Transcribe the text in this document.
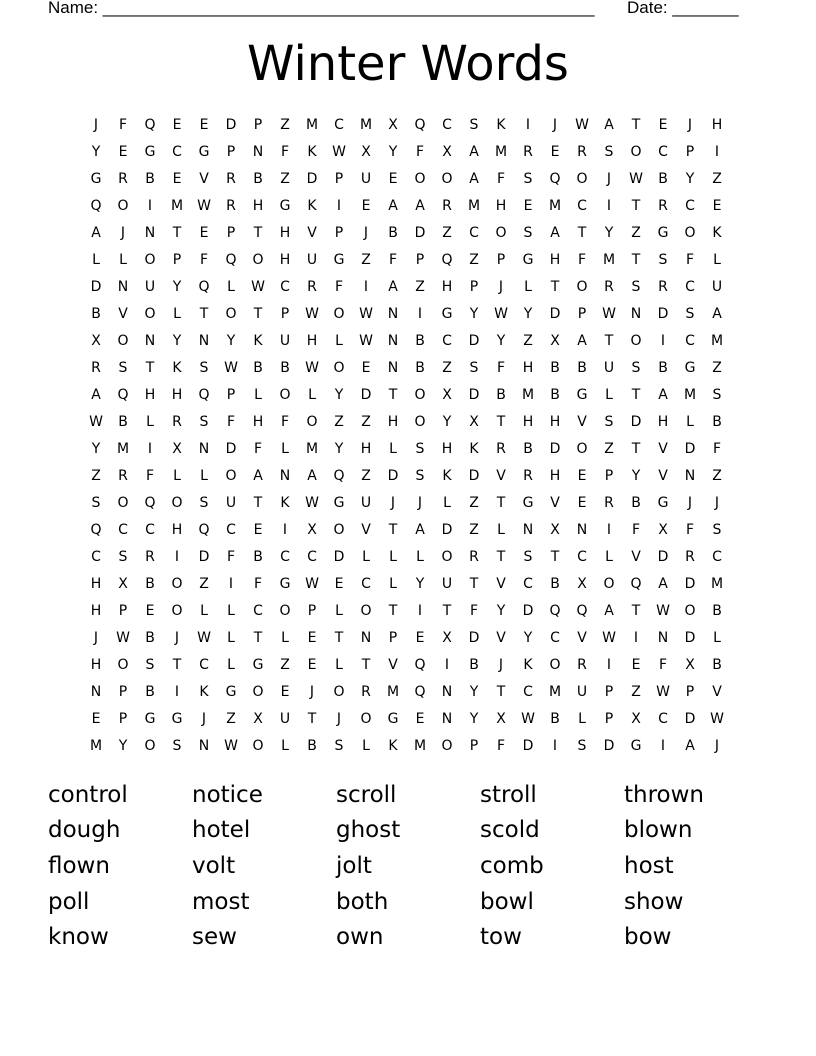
Name: ____________________________________________________ Date: _______
Winter Words
J	F	Q	E	E	D	P	Z	M	C	M	X	Q	C	S	K	I	J	W	A	T	E	J	H
Y	E	G	C	G	P	N	F	K	W	X	Y	F	X	A	M	R	E	R	S	O	C	P	I
G	R	B	E	V	R	B	Z	D	P	U	E	O	O	A	F	S	Q	O	J	W	B	Y	Z
Q	O	I	M	W	R	H	G	K	I	E	A	A	R	M	H	E	M	C	I	T	R	C	E
A	J	N	T	E	P	T	H	V	P	J	B	D	Z	C	O	S	A	T	Y	Z	G	O	K
L	L	O	P	F	Q	O	H	U	G	Z	F	P	Q	Z	P	G	H	F	M	T	S	F	L
D	N	U	Y	Q	L	W	C	R	F	I	A	Z	H	P	J	L	T	O	R	S	R	C	U
B	V	O	L	T	O	T	P	W	O	W	N	I	G	Y	W	Y	D	P	W	N	D	S	A
X	O	N	Y	N	Y	K	U	H	L	W	N	B	C	D	Y	Z	X	A	T	O	I	C	M
R	S	T	K	S	W	B	B	W	O	E	N	B	Z	S	F	H	B	B	U	S	B	G	Z
A	Q	H	H	Q	P	L	O	L	Y	D	T	O	X	D	B	M	B	G	L	T	A	M	S
W	B	L	R	S	F	H	F	O	Z	Z	H	O	Y	X	T	H	H	V	S	D	H	L	B
Y	M	I	X	N	D	F	L	M	Y	H	L	S	H	K	R	B	D	O	Z	T	V	D	F
Z	R	F	L	L	O	A	N	A	Q	Z	D	S	K	D	V	R	H	E	P	Y	V	N	Z
S	O	Q	O	S	U	T	K	W	G	U	J	J	L	Z	T	G	V	E	R	B	G	J	J
Q	C	C	H	Q	C	E	I	X	O	V	T	A	D	Z	L	N	X	N	I	F	X	F	S
C	S	R	I	D	F	B	C	C	D	L	L	L	O	R	T	S	T	C	L	V	D	R	C
H	X	B	O	Z	I	F	G	W	E	C	L	Y	U	T	V	C	B	X	O	Q	A	D	M
H	P	E	O	L	L	C	O	P	L	O	T	I	T	F	Y	D	Q	Q	A	T	W	O	B
J	W	B	J	W	L	T	L	E	T	N	P	E	X	D	V	Y	C	V	W	I	N	D	L
H	O	S	T	C	L	G	Z	E	L	T	V	Q	I	B	J	K	O	R	I	E	F	X	B
N	P	B	I	K	G	O	E	J	O	R	M	Q	N	Y	T	C	M	U	P	Z	W	P	V
E	P	G	G	J	Z	X	U	T	J	O	G	E	N	Y	X	W	B	L	P	X	C	D	W
M	Y	O	S	N	W	O	L	B	S	L	K	M	O	P	F	D	I	S	D	G	I	A	J
control	notice	scroll	stroll	thrown
dough	hotel	ghost	scold	blown
flown	volt	jolt	comb	host
poll	most	both	bowl	show
know	sew	own	tow	bow
